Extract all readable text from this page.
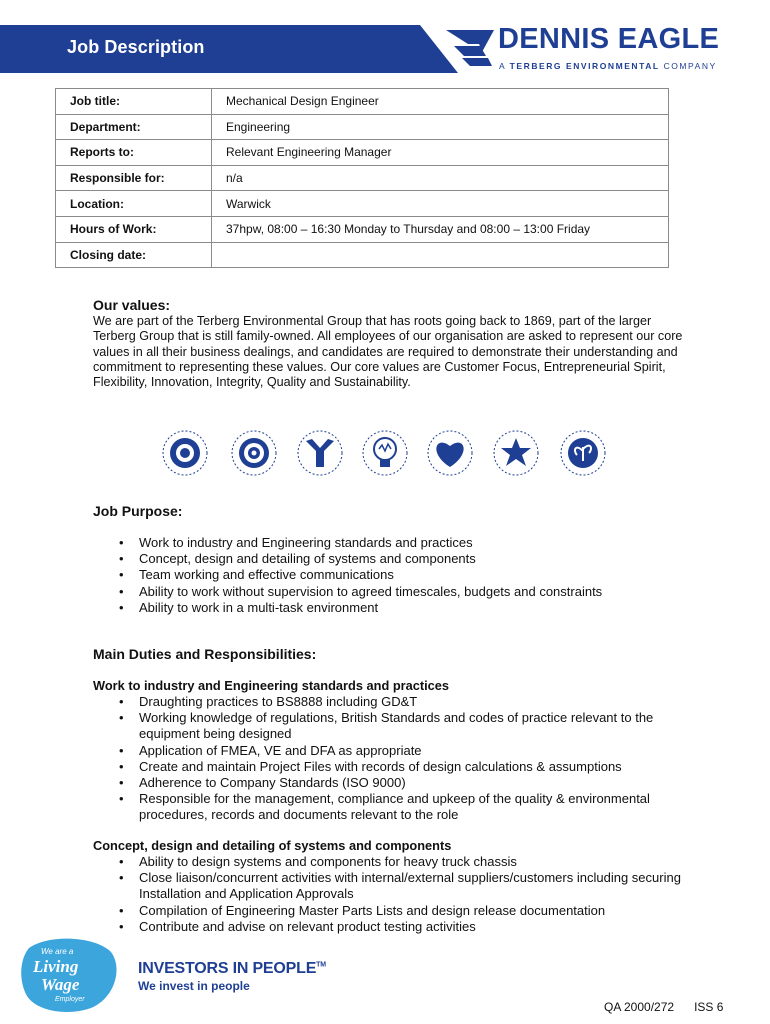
Job Description	DENNIS EAGLE
A TERBERG ENVIRONMENTAL COMPANY
Job title:	Mechanical Design Engineer
Department:	Engineering
Reports to:	Relevant Engineering Manager
Responsible for:	n/a
Location:	Warwick
Hours of Work:	37hpw, 08:00 – 16:30 Monday to Thursday and 08:00 – 13:00 Friday
Closing date:	
Our values:
We are part of the Terberg Environmental Group that has roots going back to 1869, part of the larger Terberg Group that is still family-owned. All employees of our organisation are asked to represent our core values in all their business dealings, and candidates are required to demonstrate their understanding and commitment to representing these values. Our core values are Customer Focus, Entrepreneurial Spirit, Flexibility, Innovation, Integrity, Quality and Sustainability.
Job Purpose:
• Work to industry and Engineering standards and practices
• Concept, design and detailing of systems and components
• Team working and effective communications
• Ability to work without supervision to agreed timescales, budgets and constraints
• Ability to work in a multi-task environment
Main Duties and Responsibilities:
Work to industry and Engineering standards and practices
• Draughting practices to BS8888 including GD&T
• Working knowledge of regulations, British Standards and codes of practice relevant to the equipment being designed
• Application of FMEA, VE and DFA as appropriate
• Create and maintain Project Files with records of design calculations & assumptions
• Adherence to Company Standards (ISO 9000)
• Responsible for the management, compliance and upkeep of the quality & environmental procedures, records and documents relevant to the role
Concept, design and detailing of systems and components
• Ability to design systems and components for heavy truck chassis
• Close liaison/concurrent activities with internal/external suppliers/customers including securing Installation and Application Approvals
• Compilation of Engineering Master Parts Lists and design release documentation
• Contribute and advise on relevant product testing activities
We are a
Living
Wage
Employer
INVESTORS IN PEOPLE™
We invest in people
QA 2000/272 ISS 6
